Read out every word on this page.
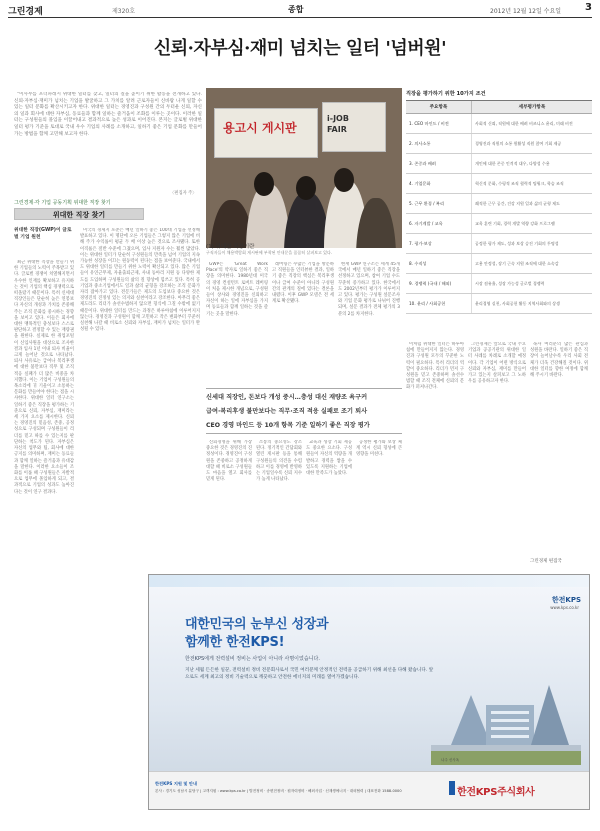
그린경제	제320호	종합	2012년 12월 12일 수요일 3
신뢰·자부심·재미 넘치는 일터 '넘버원'

"이사무를 포더파레시 위대한 일터를 찾고, 일터의 질을 높이기 위한 활동을 전개하고 있다. 신뢰·자부심·재미가 넘치는 기업을 발굴하고 그 가치를 알려 근로자들이 신바람 나게 일할 수 있는 일터 문화를 확산시키고자 한다. 위대한 일터는 경영진과 구성원 간의 두터운 신뢰, 자신의 일과 회사에 대한 자부심, 동료들과 함께 일하는 즐거움이 조화를 이루는 곳이다. 이러한 일터는 구성원들의 몰입을 이끌어내고 결과적으로 높은 성과로 이어진다. 본지는 글로벌 위대한 일터 평가 기준을 토대로 국내 우수 기업의 사례를 소개하고, 일하기 좋은 기업 문화를 만들어가는 방법을 함께 고민해 보고자 한다.

〈편집자 주〉
용고시 게시판
i-JOB
FAIR
구직자들이 채용박람회 게시판에 부착된 안내문을 꼼꼼히 살펴보고 있다.
직장을 평가하기 위한 10가지 조건
주요항목	세부평가항목
1. CEO 마인드 / 비전	사회적 신뢰, 직원에 대한 배려 비즈니스 윤리, 미래 비전
2. 의사소통	경영진과 직원의 소통 원활성 직원 참여 기회 제공
3. 존중과 배려	개인에 대한 존중 인격적 대우, 다양성 수용
4. 기업문화	혁신적 문화, 수평적 조직 협력적 팀워크, 학습 조직
5. 근무 환경 / 복리	쾌적한 근무 공간, 건강 지원 일과 삶의 균형 제도
6. 자기계발 / 교육	교육 훈련 기회, 경력 개발 역량 강화 프로그램
7. 평가·보상	공정한 평가 제도, 성과 보상 승진 기회의 투명성
8. 수직성	고용 안정성, 장기 근속 지원 조직에 대한 소속감
9. 경쟁력 (국내 / 해외)	시장 점유율, 성장 가능성 글로벌 경쟁력
10. 윤리 / 사회공헌	윤리경영 실천, 사회공헌 활동 지역사회와의 상생
그린경제·각 기업 공동기획 위대한 직장 찾기
위대한 직장 찾기
(1) 위대한 직장이란
위대한 직장(GWP)이 글로벌 기업 원천

최근 위대한 직장을 만들기 위한 기업들의 노력이 주목받고 있다. 글로벌 경쟁이 치열해지면서 우수한 인재를 확보하고 유지하는 것이 기업의 핵심 경쟁력으로 떠올랐기 때문이다. 특히 신세대 직장인들은 단순히 높은 연봉보다 자신의 개성과 가치를 존중해 주는 조직 문화를 중시하는 경향을 보이고 있다. 이들은 회사에 대한 맹목적인 충성보다 스스로 판단하고 결정할 수 있는 재량권을 원한다. 실제로 한 취업포털이 신입사원을 대상으로 조사한 결과 입사 1년 이내 퇴사 비율이 크게 늘어난 것으로 나타났다. 퇴사 사유로는 급여나 복리후생에 대한 불만보다 직무 및 조직 적응 실패가 더 많은 비중을 차지했다. 이는 기업이 구성원들의 목소리에 귀 기울이고 소통하는 문화를 만들어야 한다는 점을 시사한다. 위대한 일터 연구소는 일하기 좋은 직장을 평가하는 기준으로 신뢰, 자부심, 재미라는 세 가지 요소를 제시한다. 신뢰는 경영진의 믿음성, 존중, 공정성으로 구성되며 구성원들이 리더를 믿고 따를 수 있는지를 판단하는 척도가 된다. 자부심은 자신의 업무와 팀, 회사에 대한 긍지를 의미하며, 재미는 동료들과 함께 일하는 즐거움과 유대감을 말한다. 이러한 요소들이 조화를 이룰 때 구성원들은 자발적으로 업무에 몰입하게 되고, 결과적으로 기업의 성과도 높아진다는 것이 연구 결과다.

미국의 경제지 포춘은 매년 일하기 좋은 100대 기업을 선정해 발표하고 있다. 이 명단에 오른 기업들은 그렇지 않은 기업에 비해 주가 수익률이 평균 두 배 이상 높은 것으로 조사됐다. 또한 이직률은 절반 수준에 그쳤으며, 입사 지원자 수는 훨씬 많았다. 이는 위대한 일터가 단순히 구성원들의 만족을 넘어 기업의 지속 가능한 성장을 이끄는 원동력이 된다는 점을 보여준다. 국내에서도 위대한 일터를 만들기 위한 노력이 확산되고 있다. 많은 기업들이 유연근무제, 자율출퇴근제, 사내 동아리 지원 등 다양한 제도를 도입하며 구성원들의 삶의 질 향상에 힘쓰고 있다. 특히 공기업과 중소기업에서도 일과 삶의 균형을 강조하는 조직 문화가 자리 잡아가고 있다. 전문가들은 제도의 도입보다 중요한 것은 경영진의 진정성 있는 의지와 실천이라고 강조한다. 아무리 좋은 제도라도 리더가 솔선수범하지 않으면 형식에 그칠 수밖에 없기 때문이다. 위대한 일터를 만드는 과정은 하루아침에 이루어지지 않는다. 경영진과 구성원이 함께 고민하고 작은 변화부터 꾸준히 실천해 나갈 때 비로소 신뢰와 자부심, 재미가 넘치는 일터가 완성될 수 있다.

GWP는 'Great Work Place'의 약자로 일하기 좋은 직장을 의미한다. 1980년대 미국의 경영 컨설턴트 로버트 레버링이 처음 제시한 개념으로, 구성원들이 상사와 경영진을 신뢰하고 자신이 하는 일에 자부심을 가지며 동료들과 함께 일하는 것을 즐기는 곳을 말한다.

레버링은 수많은 기업을 방문하고 직원들을 인터뷰한 결과, 일하기 좋은 직장의 핵심은 복리후생이나 급여 수준이 아니라 구성원 간의 관계의 질에 있다는 결론을 내렸다. 이후 GWP 모델은 전 세계로 확산됐다.

현재 GWP 연구소는 세계 45개국에서 매년 일하기 좋은 직장을 선정하고 있으며, 참여 기업 수도 꾸준히 증가하고 있다. 한국에서도 2002년부터 평가가 이루어지고 있다. 평가는 구성원 설문조사와 기업 문화 평가로 나뉘어 진행되며, 설문 결과가 전체 평가의 3분의 2를 차지한다.

신세대 직장인, 돈보다 개성 중시…충성 대신 재량조 욕구커
급여·복리후생 불만보다는 직무·조직 적응 실패로 조기 퇴사
CEO 경영 마인드 등 10개 항목 기준 일하기 좋은 직장 평가

신뢰경영을 위해 가장 중요한 것은 경영진의 진정성이다. 경영진이 구성원을 존중하고 공정하게 대할 때 비로소 구성원들도 마음을 열고 회사를 믿게 된다.

소통의 중요성도 강조된다. 정기적인 간담회와 열린 게시판 등을 통해 구성원들의 의견을 수렴하고 이를 경영에 반영하는 기업일수록 신뢰 지수가 높게 나타났다.

교육과 성장 기회 제공도 중요한 요소다. 구성원들이 자신의 역량을 개발하고 경력을 쌓을 수 있도록 지원하는 기업에 대한 만족도가 높았다.

공정한 평가와 보상 체계 역시 신뢰 형성에 큰 영향을 미친다.

이처럼 위대한 일터는 하루아침에 만들어지지 않는다. 경영진과 구성원 모두의 꾸준한 노력이 필요하다. 특히 리더의 역할이 중요하다. 리더가 먼저 구성원을 믿고 존중하며 솔선수범할 때 조직 전체에 신뢰의 문화가 퍼져나간다.

그린경제는 앞으로 국내 주요 기업과 공공기관의 위대한 일터 사례를 차례로 소개할 예정이다. 각 기업이 어떤 방식으로 신뢰와 자부심, 재미를 만들어가고 있는지 살펴보고 그 노하우를 공유하고자 한다.

독자 여러분의 많은 관심과 성원을 바란다. 일하기 좋은 직장이 늘어날수록 우리 사회 전체가 더욱 건강해질 것이다. 위대한 일터를 향한 여정에 함께해 주시기 바란다.

그린경제 편집국
한전KPS
www.kps.co.kr
대한민국의 눈부신 성장과
함께한 한전KPS!
한전KPS에게 전력설비 정비는 사업이 아니라 사명이었습니다.
지난 세월 든든한 일꾼, 전력설비 정비 전문회사로서 국민 여러분께 안정적인 전력을 공급하기 위해 최선을 다해 왔습니다. 앞으로도 세계 최고의 정비 기술력으로 깨끗하고 안전한 에너지의 미래를 열어가겠습니다.
나주 신사옥
한전KPS 지원 및 안내
본사 : 경기도 성남시 분당구 | 고객지원 : www.kps.co.kr | 발전정비 · 송변전정비 · 원자력정비 · 해외사업 · 신재생에너지 · 대외협력 | 대표전화 1588-0000	한전KPS주식회사
